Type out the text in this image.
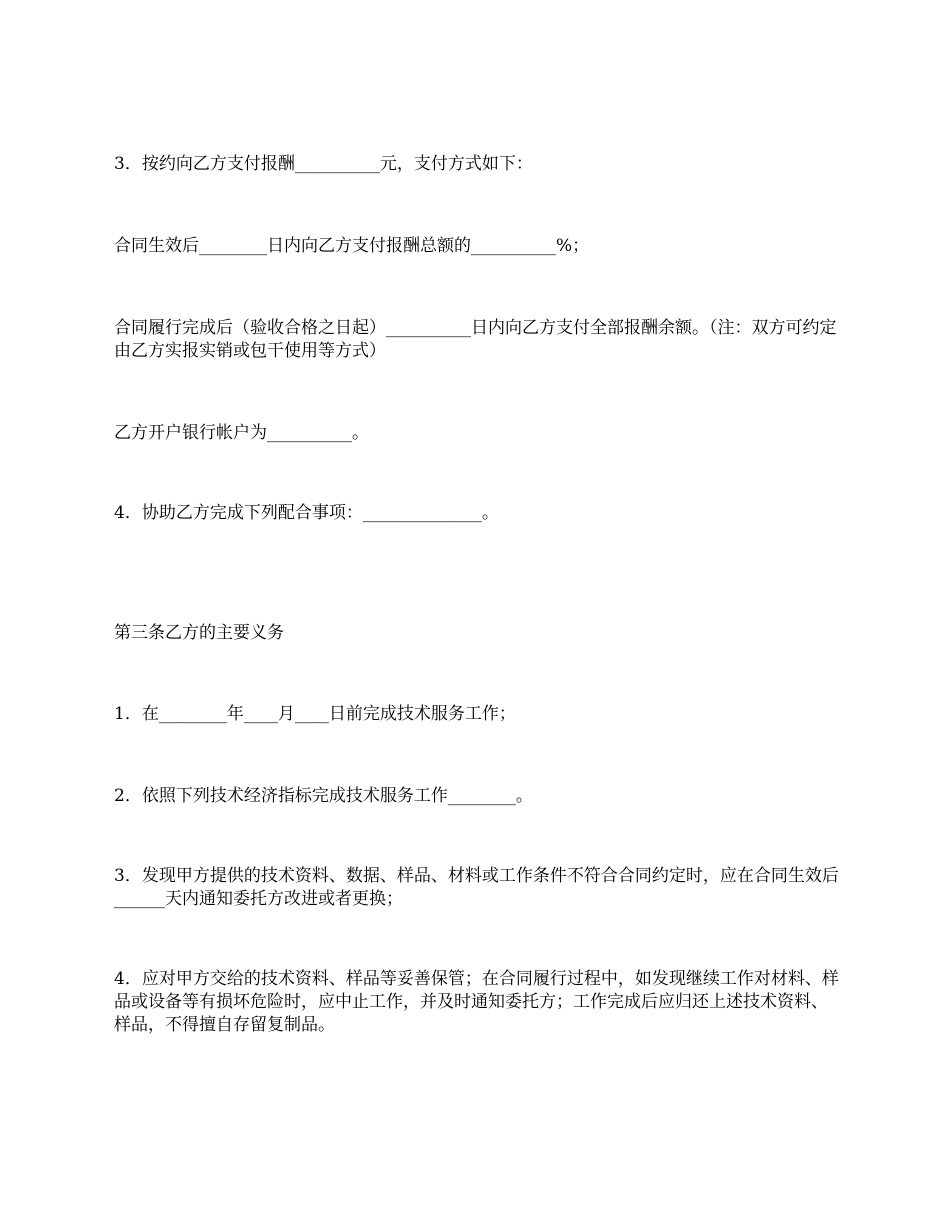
3．按约向乙方支付报酬__________元，支付方式如下：
合同生效后________日内向乙方支付报酬总额的__________%；
合同履行完成后（验收合格之日起）__________日内向乙方支付全部报酬余额。（注：双方可约定由乙方实报实销或包干使用等方式）
乙方开户银行帐户为__________。
4．协助乙方完成下列配合事项：______________。
第三条乙方的主要义务
1．在________年____月____日前完成技术服务工作；
2．依照下列技术经济指标完成技术服务工作________。
3．发现甲方提供的技术资料、数据、样品、材料或工作条件不符合合同约定时，应在合同生效后______天内通知委托方改进或者更换；
4．应对甲方交给的技术资料、样品等妥善保管；在合同履行过程中，如发现继续工作对材料、样品或设备等有损坏危险时，应中止工作，并及时通知委托方；工作完成后应归还上述技术资料、样品，不得擅自存留复制品。
